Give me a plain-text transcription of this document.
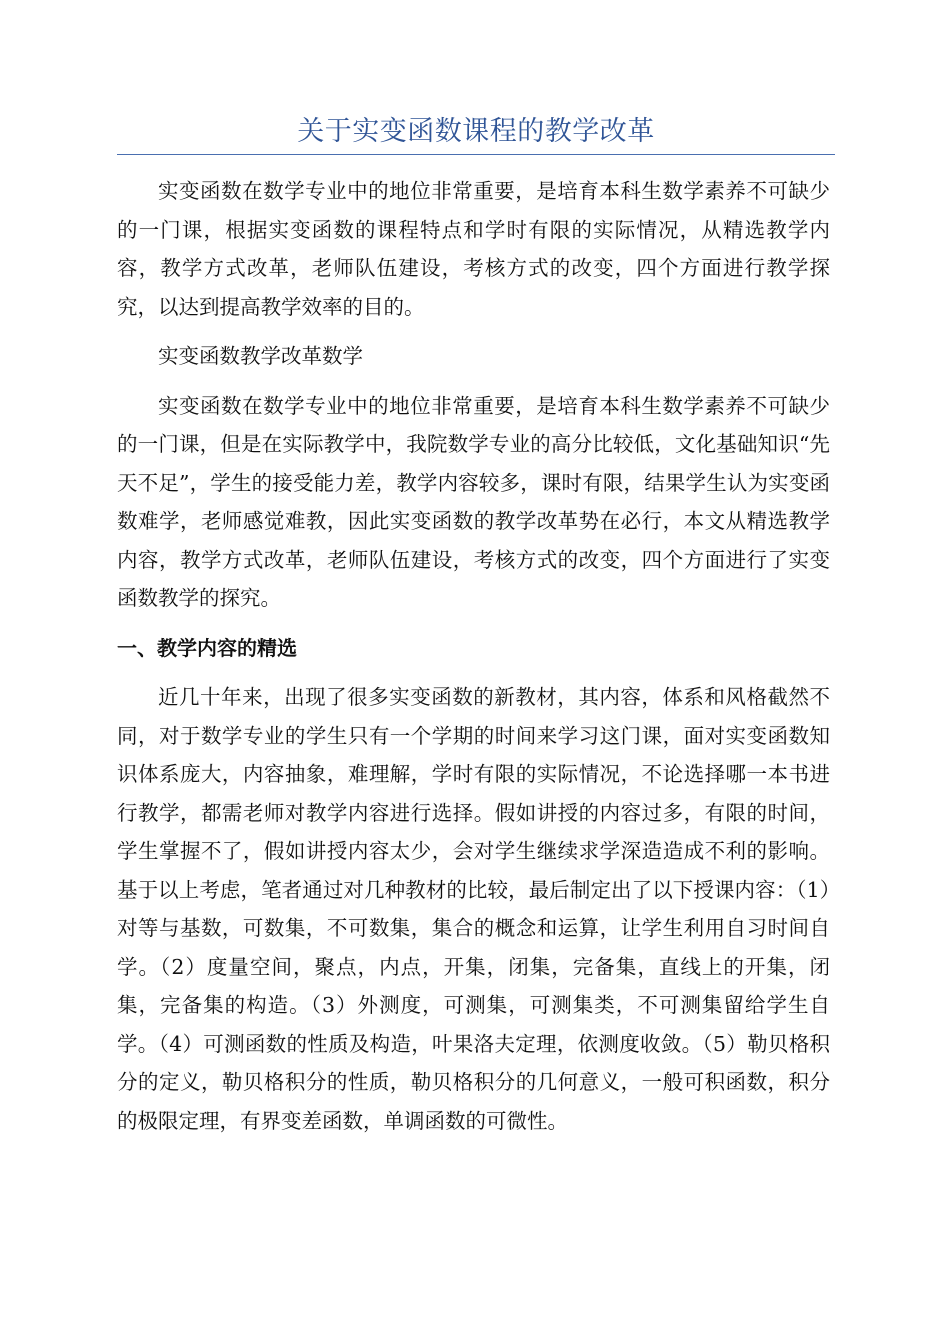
关于实变函数课程的教学改革

实变函数在数学专业中的地位非常重要，是培育本科生数学素养不可缺少的一门课，根据实变函数的课程特点和学时有限的实际情况，从精选教学内容，教学方式改革，老师队伍建设，考核方式的改变，四个方面进行教学探究，以达到提高教学效率的目的。

实变函数教学改革数学

实变函数在数学专业中的地位非常重要，是培育本科生数学素养不可缺少的一门课，但是在实际教学中，我院数学专业的高分比较低，文化基础知识“先天不足”，学生的接受能力差，教学内容较多，课时有限，结果学生认为实变函数难学，老师感觉难教，因此实变函数的教学改革势在必行，本文从精选教学内容，教学方式改革，老师队伍建设，考核方式的改变，四个方面进行了实变函数教学的探究。

一、教学内容的精选

近几十年来，出现了很多实变函数的新教材，其内容，体系和风格截然不同，对于数学专业的学生只有一个学期的时间来学习这门课，面对实变函数知识体系庞大，内容抽象，难理解，学时有限的实际情况，不论选择哪一本书进行教学，都需老师对教学内容进行选择。假如讲授的内容过多，有限的时间，学生掌握不了，假如讲授内容太少，会对学生继续求学深造造成不利的影响。基于以上考虑，笔者通过对几种教材的比较，最后制定出了以下授课内容：（1）对等与基数，可数集，不可数集，集合的概念和运算，让学生利用自习时间自学。（2）度量空间，聚点，内点，开集，闭集，完备集，直线上的开集，闭集，完备集的构造。（3）外测度，可测集，可测集类，不可测集留给学生自学。（4）可测函数的性质及构造，叶果洛夫定理，依测度收敛。（5）勒贝格积分的定义，勒贝格积分的性质，勒贝格积分的几何意义，一般可积函数，积分的极限定理，有界变差函数，单调函数的可微性。
